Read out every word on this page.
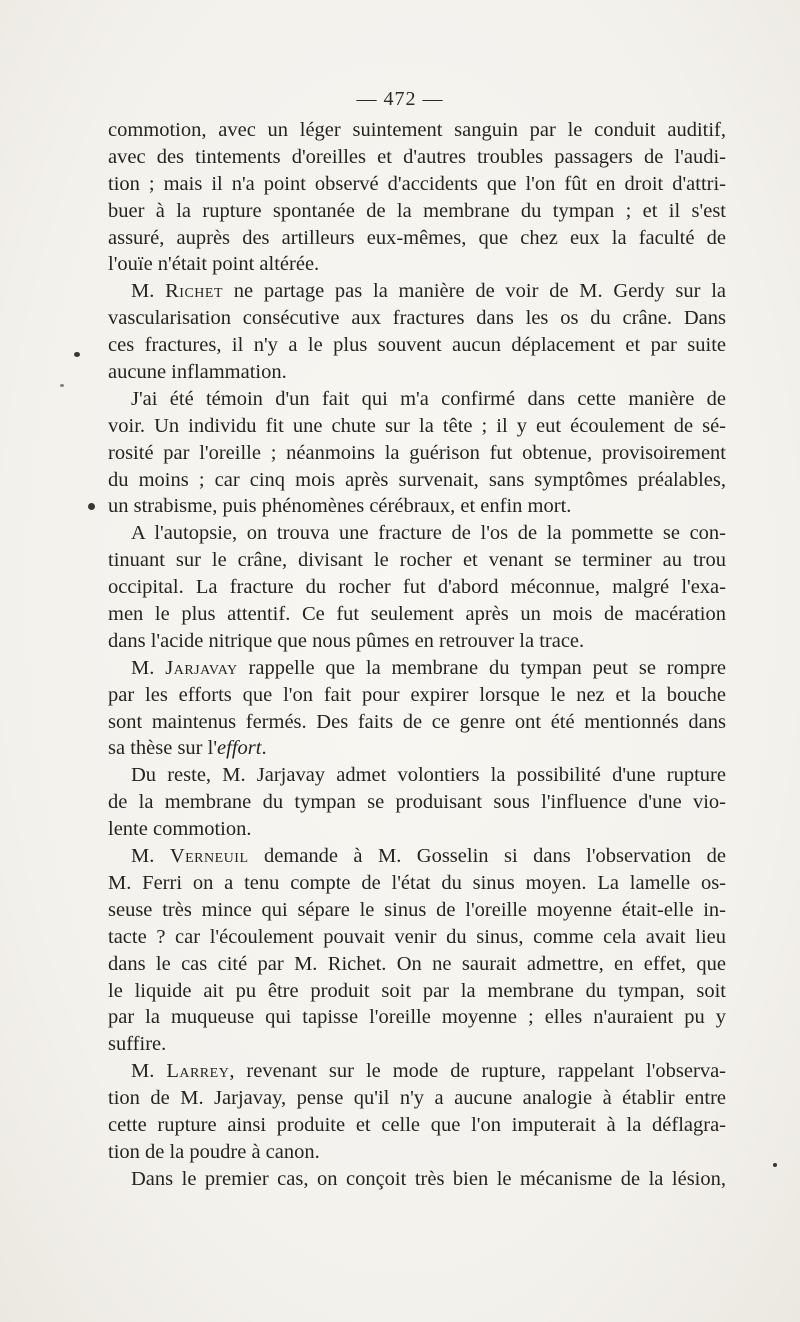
— 472 —
commotion, avec un léger suintement sanguin par le conduit auditif,
avec des tintements d'oreilles et d'autres troubles passagers de l'audi-
tion ; mais il n'a point observé d'accidents que l'on fût en droit d'attri-
buer à la rupture spontanée de la membrane du tympan ; et il s'est
assuré, auprès des artilleurs eux-mêmes, que chez eux la faculté de
l'ouïe n'était point altérée.
M. Richet ne partage pas la manière de voir de M. Gerdy sur la
vascularisation consécutive aux fractures dans les os du crâne. Dans
ces fractures, il n'y a le plus souvent aucun déplacement et par suite
aucune inflammation.
J'ai été témoin d'un fait qui m'a confirmé dans cette manière de
voir. Un individu fit une chute sur la tête ; il y eut écoulement de sé-
rosité par l'oreille ; néanmoins la guérison fut obtenue, provisoirement
du moins ; car cinq mois après survenait, sans symptômes préalables,
un strabisme, puis phénomènes cérébraux, et enfin mort.
A l'autopsie, on trouva une fracture de l'os de la pommette se con-
tinuant sur le crâne, divisant le rocher et venant se terminer au trou
occipital. La fracture du rocher fut d'abord méconnue, malgré l'exa-
men le plus attentif. Ce fut seulement après un mois de macération
dans l'acide nitrique que nous pûmes en retrouver la trace.
M. Jarjavay rappelle que la membrane du tympan peut se rompre
par les efforts que l'on fait pour expirer lorsque le nez et la bouche
sont maintenus fermés. Des faits de ce genre ont été mentionnés dans
sa thèse sur l'effort.
Du reste, M. Jarjavay admet volontiers la possibilité d'une rupture
de la membrane du tympan se produisant sous l'influence d'une vio-
lente commotion.
M. Verneuil demande à M. Gosselin si dans l'observation de
M. Ferri on a tenu compte de l'état du sinus moyen. La lamelle os-
seuse très mince qui sépare le sinus de l'oreille moyenne était-elle in-
tacte ? car l'écoulement pouvait venir du sinus, comme cela avait lieu
dans le cas cité par M. Richet. On ne saurait admettre, en effet, que
le liquide ait pu être produit soit par la membrane du tympan, soit
par la muqueuse qui tapisse l'oreille moyenne ; elles n'auraient pu y
suffire.
M. Larrey, revenant sur le mode de rupture, rappelant l'observa-
tion de M. Jarjavay, pense qu'il n'y a aucune analogie à établir entre
cette rupture ainsi produite et celle que l'on imputerait à la déflagra-
tion de la poudre à canon.
Dans le premier cas, on conçoit très bien le mécanisme de la lésion,
